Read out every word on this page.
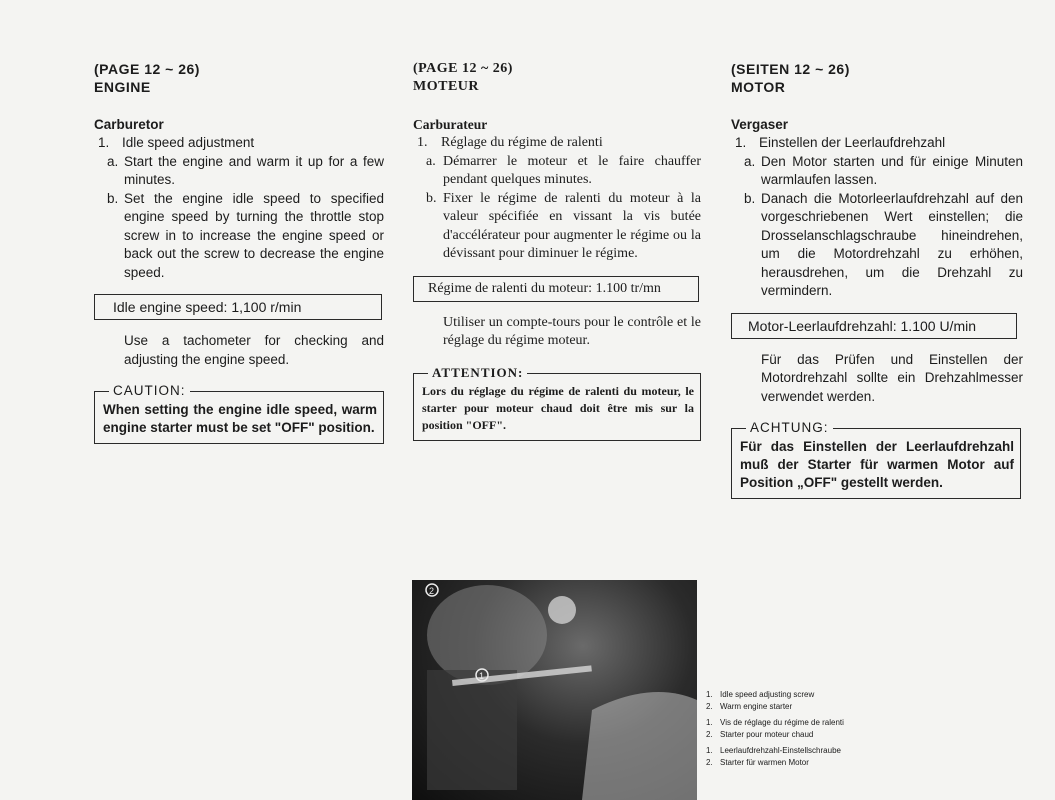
(PAGE 12 ~ 26)
ENGINE
Carburetor
1. Idle speed adjustment
a. Start the engine and warm it up for a few minutes.
b. Set the engine idle speed to specified engine speed by turning the throttle stop screw in to increase the engine speed or back out the screw to decrease the engine speed.
Idle engine speed: 1,100 r/min
Use a tachometer for checking and adjusting the engine speed.
CAUTION:
When setting the engine idle speed, warm engine starter must be set "OFF" position.
(PAGE 12 ~ 26)
MOTEUR
Carburateur
1. Réglage du régime de ralenti
a. Démarrer le moteur et le faire chauffer pendant quelques minutes.
b. Fixer le régime de ralenti du moteur à la valeur spécifiée en vissant la vis butée d'accélérateur pour augmenter le régime ou la dévissant pour diminuer le régime.
Régime de ralenti du moteur: 1.100 tr/mn
Utiliser un compte-tours pour le contrôle et le réglage du régime moteur.
ATTENTION:
Lors du réglage du régime de ralenti du moteur, le starter pour moteur chaud doit être mis sur la position "OFF".
(SEITEN 12 ~ 26)
MOTOR
Vergaser
1. Einstellen der Leerlaufdrehzahl
a. Den Motor starten und für einige Minuten warmlaufen lassen.
b. Danach die Motorleerlaufdrehzahl auf den vorgeschriebenen Wert einstellen; die Drosselanschlagschraube hineindrehen, um die Motordrehzahl zu erhöhen, herausdrehen, um die Drehzahl zu vermindern.
Motor-Leerlaufdrehzahl: 1.100 U/min
Für das Prüfen und Einstellen der Motordrehzahl sollte ein Drehzahlmesser verwendet werden.
ACHTUNG:
Für das Einstellen der Leerlaufdrehzahl muß der Starter für warmen Motor auf Position „OFF" gestellt werden.
1
2
1. Idle speed adjusting screw
2. Warm engine starter
1. Vis de réglage du régime de ralenti
2. Starter pour moteur chaud
1. Leerlaufdrehzahl-Einstellschraube
2. Starter für warmen Motor
